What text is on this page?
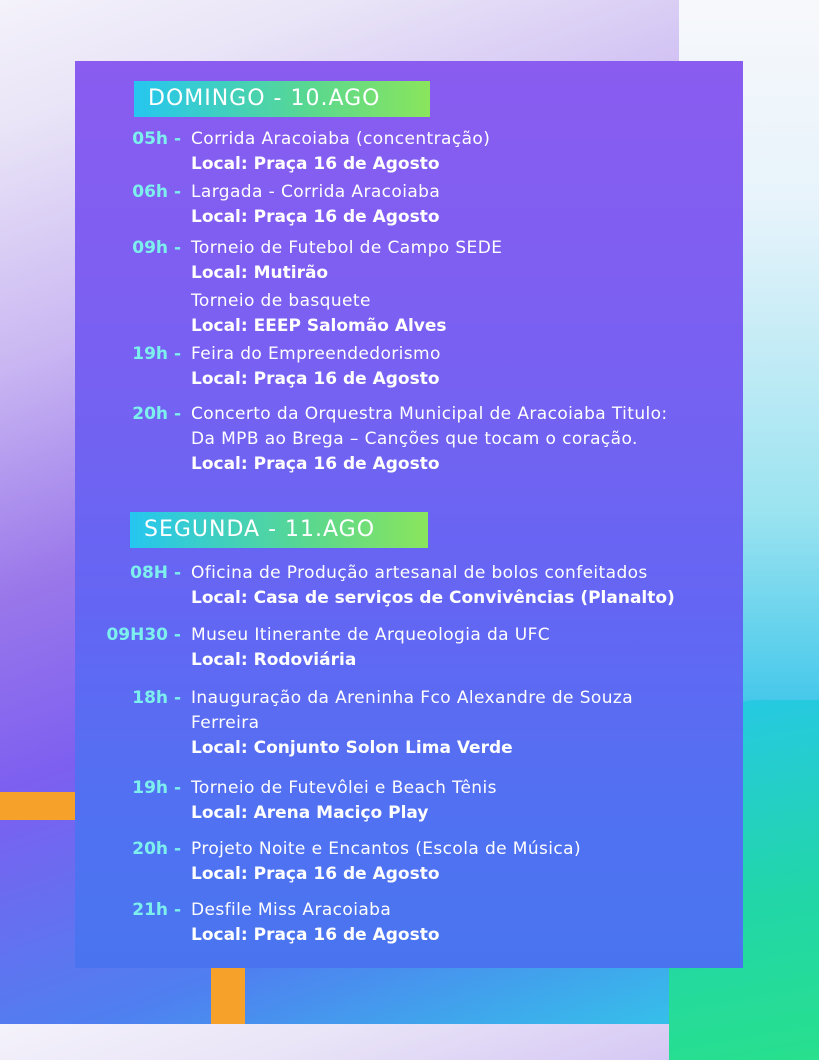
DOMINGO - 10.AGO
05h - Corrida Aracoiaba (concentração)
Local: Praça 16 de Agosto
06h - Largada - Corrida Aracoiaba
Local: Praça 16 de Agosto
09h - Torneio de Futebol de Campo SEDE
Local: Mutirão
Torneio de basquete
Local: EEEP Salomão Alves
19h - Feira do Empreendedorismo
Local: Praça 16 de Agosto
20h - Concerto da Orquestra Municipal de Aracoiaba Titulo: Da MPB ao Brega – Canções que tocam o coração.
Local: Praça 16 de Agosto
SEGUNDA - 11.AGO
08H - Oficina de Produção artesanal de bolos confeitados
Local: Casa de serviços de Convivências (Planalto)
09H30 - Museu Itinerante de Arqueologia da UFC
Local: Rodoviária
18h - Inauguração da Areninha Fco Alexandre de Souza Ferreira
Local: Conjunto Solon Lima Verde
19h - Torneio de Futevôlei e Beach Tênis
Local: Arena Maciço Play
20h - Projeto Noite e Encantos (Escola de Música)
Local: Praça 16 de Agosto
21h - Desfile Miss Aracoiaba
Local: Praça 16 de Agosto
